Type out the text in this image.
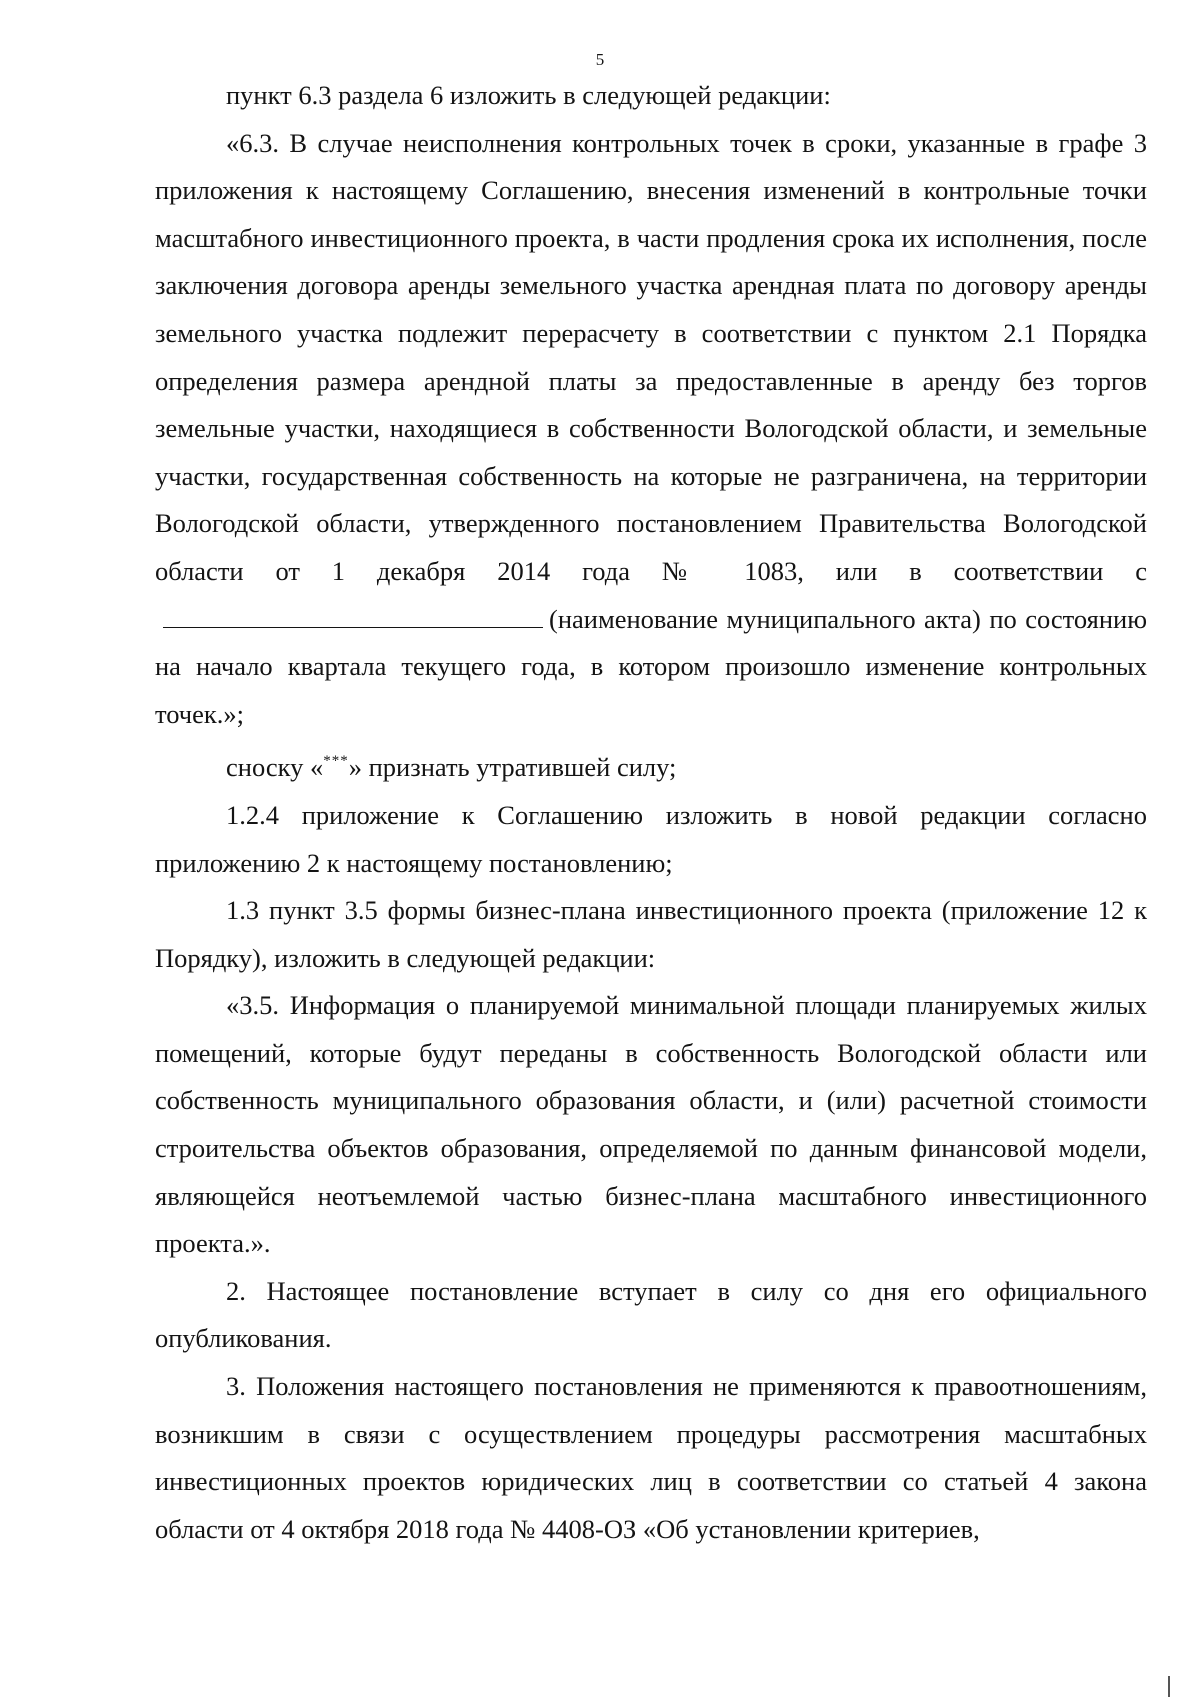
5

пункт 6.3 раздела 6 изложить в следующей редакции:

«6.3. В случае неисполнения контрольных точек в сроки, указанные в графе 3 приложения к настоящему Соглашению, внесения изменений в контрольные точки масштабного инвестиционного проекта, в части продления срока их исполнения, после заключения договора аренды земельного участка арендная плата по договору аренды земельного участка подлежит перерасчету в соответствии с пунктом 2.1 Порядка определения размера арендной платы за предоставленные в аренду без торгов земельные участки, находящиеся в собственности Вологодской области, и земельные участки, государственная собственность на которые не разграничена, на территории Вологодской области, утвержденного постановлением Правительства Вологодской области от 1 декабря 2014 года № 1083, или в соответствии с(наименование муниципального акта) по состоянию на начало квартала текущего года, в котором произошло изменение контрольных точек.»;

сноску «***» признать утратившей силу;

1.2.4 приложение к Соглашению изложить в новой редакции согласно приложению 2 к настоящему постановлению;

1.3 пункт 3.5 формы бизнес-плана инвестиционного проекта (приложение 12 к Порядку), изложить в следующей редакции:

«3.5. Информация о планируемой минимальной площади планируемых жилых помещений, которые будут переданы в собственность Вологодской области или собственность муниципального образования области, и (или) расчетной стоимости строительства объектов образования, определяемой по данным финансовой модели, являющейся неотъемлемой частью бизнес-плана масштабного инвестиционного проекта.».

2. Настоящее постановление вступает в силу со дня его официального опубликования.

3. Положения настоящего постановления не применяются к правоотношениям, возникшим в связи с осуществлением процедуры рассмотрения масштабных инвестиционных проектов юридических лиц в соответствии со статьей 4 закона области от 4 октября 2018 года № 4408-ОЗ «Об установлении критериев,
